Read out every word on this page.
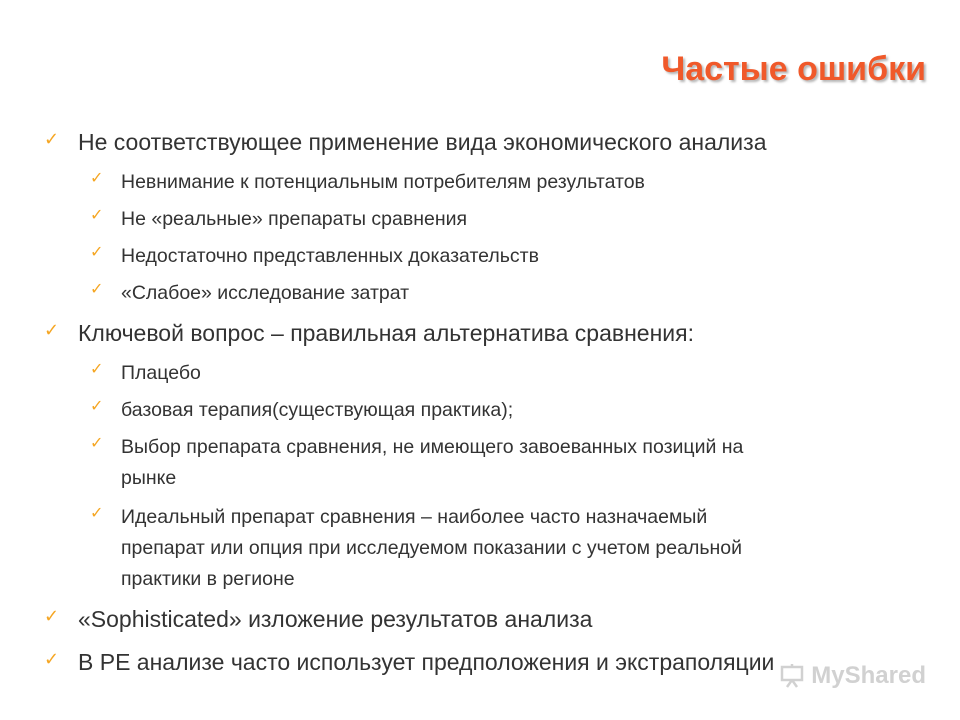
Частые ошибки
✓ Не соответствующее применение вида экономического анализа
✓ Невнимание к потенциальным потребителям результатов
✓ Не «реальные» препараты сравнения
✓ Недостаточно представленных доказательств
✓ «Слабое» исследование затрат
✓ Ключевой вопрос – правильная альтернатива сравнения:
✓ Плацебо
✓ базовая терапия(существующая практика);
✓ Выбор препарата сравнения, не имеющего завоеванных позиций на
рынке
✓ Идеальный препарат сравнения – наиболее часто назначаемый
препарат или опция при исследуемом показании с учетом реальной
практики в регионе
✓ «Sophisticated» изложение результатов анализа
✓ В РЕ анализе часто использует предположения и экстраполяции MyShared
